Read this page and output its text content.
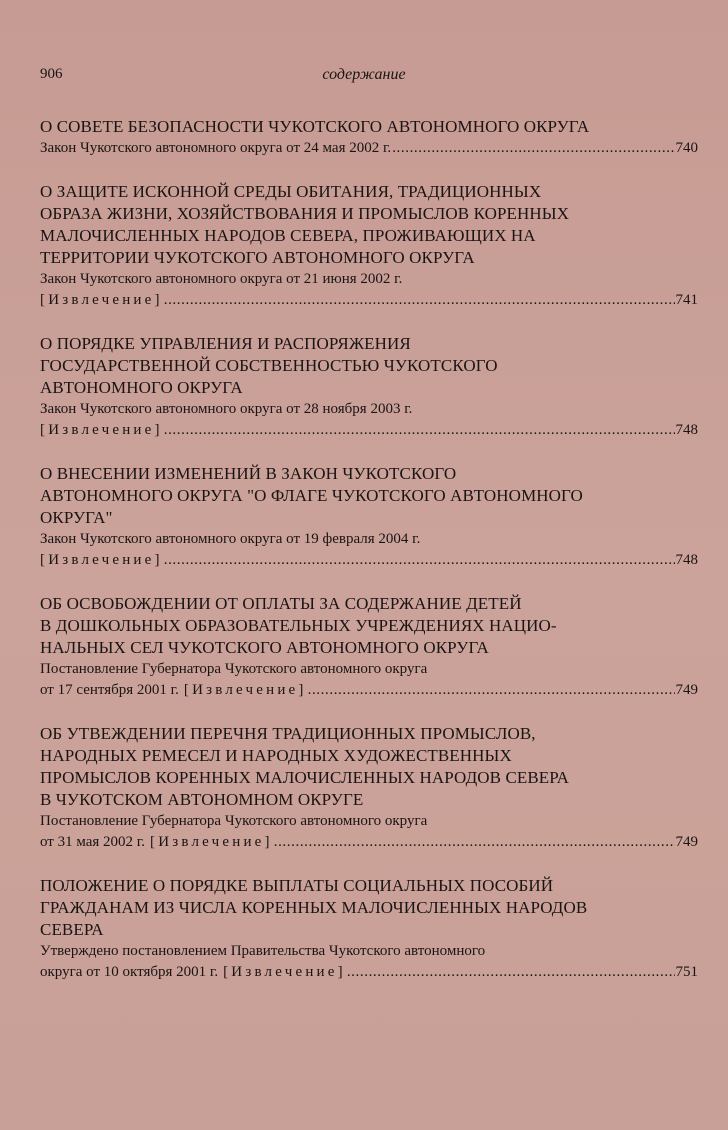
906	содержание
О СОВЕТЕ БЕЗОПАСНОСТИ ЧУКОТСКОГО АВТОНОМНОГО ОКРУГА
Закон Чукотского автономного округа от 24 мая 2002 г. .....	740
О ЗАЩИТЕ ИСКОННОЙ СРЕДЫ ОБИТАНИЯ, ТРАДИЦИОННЫХ
ОБРАЗА ЖИЗНИ, ХОЗЯЙСТВОВАНИЯ И ПРОМЫСЛОВ КОРЕННЫХ
МАЛОЧИСЛЕННЫХ НАРОДОВ СЕВЕРА, ПРОЖИВАЮЩИХ НА
ТЕРРИТОРИИ ЧУКОТСКОГО АВТОНОМНОГО ОКРУГА
Закон Чукотского автономного округа от 21 июня 2002 г.
[Извлечение] .....	741
О ПОРЯДКЕ УПРАВЛЕНИЯ И РАСПОРЯЖЕНИЯ
ГОСУДАРСТВЕННОЙ СОБСТВЕННОСТЬЮ ЧУКОТСКОГО
АВТОНОМНОГО ОКРУГА
Закон Чукотского автономного округа от 28 ноября 2003 г.
[Извлечение] .....	748
О ВНЕСЕНИИ ИЗМЕНЕНИЙ В ЗАКОН ЧУКОТСКОГО
АВТОНОМНОГО ОКРУГА "О ФЛАГЕ ЧУКОТСКОГО АВТОНОМНОГО
ОКРУГА"
Закон Чукотского автономного округа от 19 февраля 2004 г.
[Извлечение] .....	748
ОБ ОСВОБОЖДЕНИИ ОТ ОПЛАТЫ ЗА СОДЕРЖАНИЕ ДЕТЕЙ
В ДОШКОЛЬНЫХ ОБРАЗОВАТЕЛЬНЫХ УЧРЕЖДЕНИЯХ НАЦИО-
НАЛЬНЫХ СЕЛ ЧУКОТСКОГО АВТОНОМНОГО ОКРУГА
Постановление Губернатора Чукотского автономного округа
от 17 сентября 2001 г. [Извлечение] .....	749
ОБ УТВЕЖДЕНИИ ПЕРЕЧНЯ ТРАДИЦИОННЫХ ПРОМЫСЛОВ,
НАРОДНЫХ РЕМЕСЕЛ И НАРОДНЫХ ХУДОЖЕСТВЕННЫХ
ПРОМЫСЛОВ КОРЕННЫХ МАЛОЧИСЛЕННЫХ НАРОДОВ СЕВЕРА
В ЧУКОТСКОМ АВТОНОМНОМ ОКРУГЕ
Постановление Губернатора Чукотского автономного округа
от 31 мая 2002 г. [Извлечение] .....	749
ПОЛОЖЕНИЕ О ПОРЯДКЕ ВЫПЛАТЫ СОЦИАЛЬНЫХ ПОСОБИЙ
ГРАЖДАНАМ ИЗ ЧИСЛА КОРЕННЫХ МАЛОЧИСЛЕННЫХ НАРОДОВ
СЕВЕРА
Утверждено постановлением Правительства Чукотского автономного
округа от 10 октября 2001 г. [Извлечение] .....	751
